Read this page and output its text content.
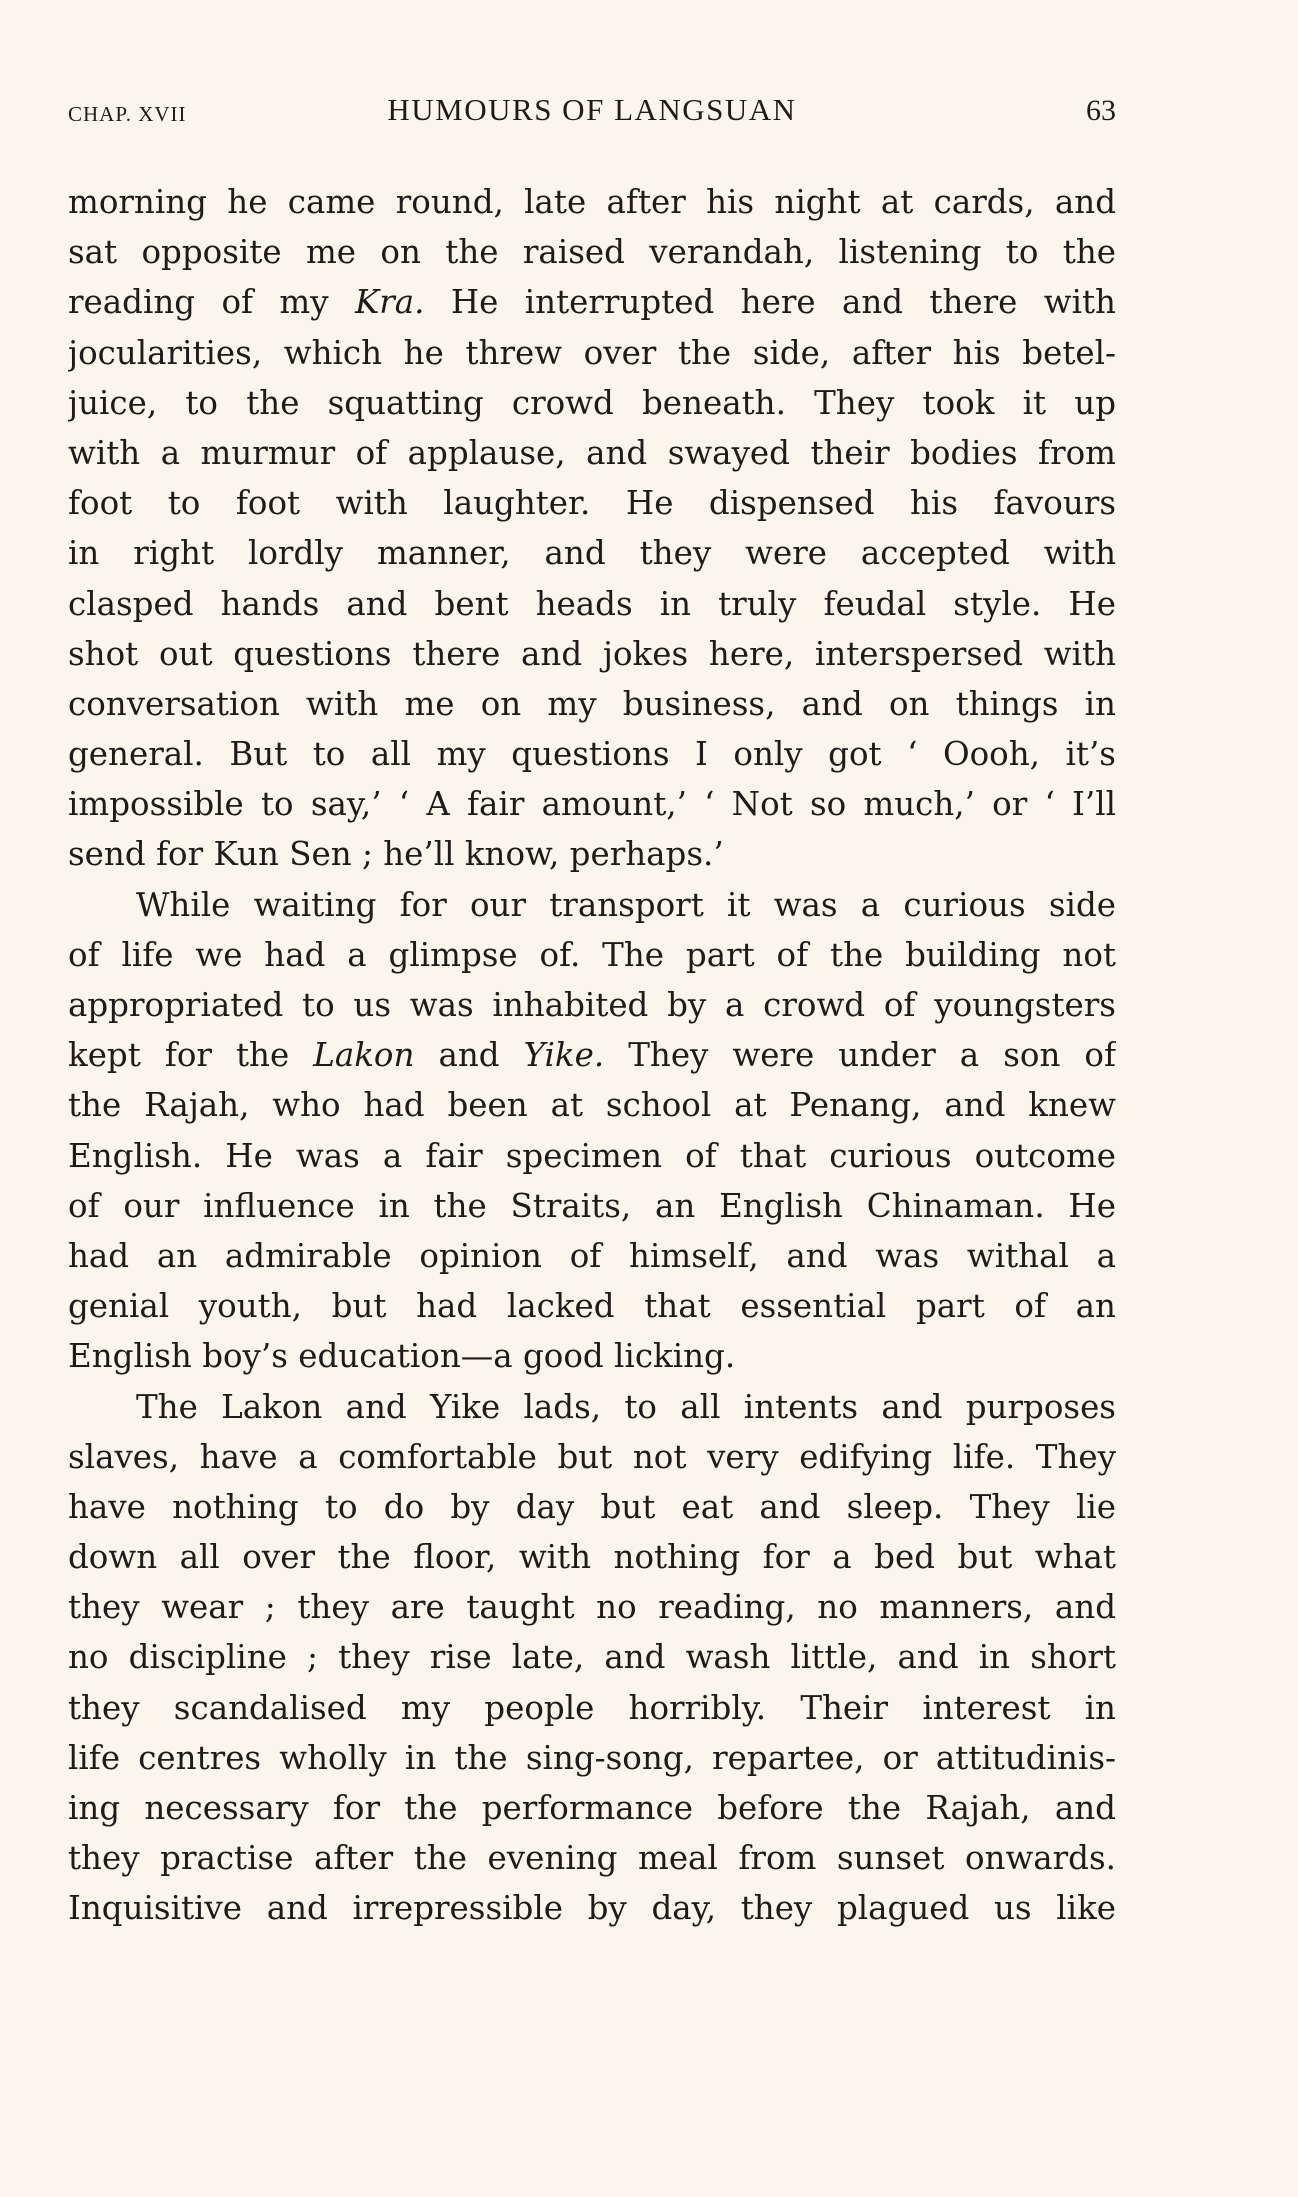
CHAP. XVII	HUMOURS OF LANGSUAN	63
morning he came round, late after his night at cards, and
sat opposite me on the raised verandah, listening to the
reading of my Kra. He interrupted here and there with
jocularities, which he threw over the side, after his betel-
juice, to the squatting crowd beneath. They took it up
with a murmur of applause, and swayed their bodies from
foot to foot with laughter. He dispensed his favours
in right lordly manner, and they were accepted with
clasped hands and bent heads in truly feudal style. He
shot out questions there and jokes here, interspersed with
conversation with me on my business, and on things in
general. But to all my questions I only got ‘ Oooh, it’s
impossible to say,’ ‘ A fair amount,’ ‘ Not so much,’ or ‘ I’ll
send for Kun Sen ; he’ll know, perhaps.’
While waiting for our transport it was a curious side
of life we had a glimpse of. The part of the building not
appropriated to us was inhabited by a crowd of youngsters
kept for the Lakon and Yike. They were under a son of
the Rajah, who had been at school at Penang, and knew
English. He was a fair specimen of that curious outcome
of our influence in the Straits, an English Chinaman. He
had an admirable opinion of himself, and was withal a
genial youth, but had lacked that essential part of an
English boy’s education—a good licking.
The Lakon and Yike lads, to all intents and purposes
slaves, have a comfortable but not very edifying life. They
have nothing to do by day but eat and sleep. They lie
down all over the floor, with nothing for a bed but what
they wear ; they are taught no reading, no manners, and
no discipline ; they rise late, and wash little, and in short
they scandalised my people horribly. Their interest in
life centres wholly in the sing-song, repartee, or attitudinis-
ing necessary for the performance before the Rajah, and
they practise after the evening meal from sunset onwards.
Inquisitive and irrepressible by day, they plagued us like
